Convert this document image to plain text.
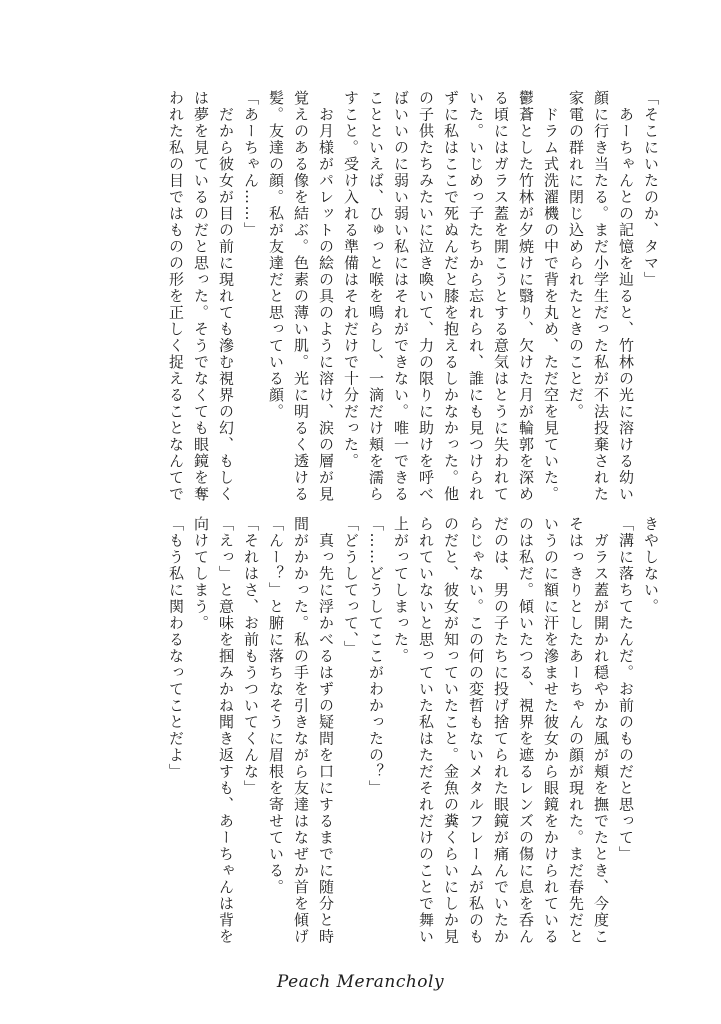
「そこにいたのか、タマ」

　あーちゃんとの記憶を辿ると、竹林の光に溶ける幼い顔に行き当たる。まだ小学生だった私が不法投棄された家電の群れに閉じ込められたときのことだ。

　ドラム式洗濯機の中で背を丸め、ただ空を見ていた。鬱蒼とした竹林が夕焼けに翳り、欠けた月が輪郭を深める頃にはガラス蓋を開こうとする意気はとうに失われていた。いじめっ子たちから忘れられ、誰にも見つけられずに私はここで死ぬんだと膝を抱えるしかなかった。他の子供たちみたいに泣き喚いて、力の限りに助けを呼べばいいのに弱い弱い私にはそれができない。唯一できることといえば、ひゅっと喉を鳴らし、一滴だけ頬を濡らすこと。受け入れる準備はそれだけで十分だった。

　お月様がパレットの絵の具のように溶け、涙の層が見覚えのある像を結ぶ。色素の薄い肌。光に明るく透ける髪。友達の顔。私が友達だと思っている顔。

「あーちゃん……」

　だから彼女が目の前に現れても滲む視界の幻、もしくは夢を見ているのだと思った。そうでなくても眼鏡を奪われた私の目ではものの形を正しく捉えることなんてで

きやしない。

「溝に落ちてたんだ。お前のものだと思って」

　ガラス蓋が開かれ穏やかな風が頬を撫でたとき、今度こそはっきりとしたあーちゃんの顔が現れた。まだ春先だというのに額に汗を滲ませた彼女から眼鏡をかけられているのは私だ。傾いたつる、視界を遮るレンズの傷に息を呑んだのは、男の子たちに投げ捨てられた眼鏡が痛んでいたからじゃない。この何の変哲もないメタルフレームが私のものだと、彼女が知っていたこと。金魚の糞くらいにしか見られていないと思っていた私はただそれだけのことで舞い上がってしまった。

「……どうしてここがわかったの？」

「どうしてって、」

　真っ先に浮かべるはずの疑問を口にするまでに随分と時間がかかった。私の手を引きながら友達はなぜか首を傾げ「んー？」と腑に落ちなそうに眉根を寄せている。

「それはさ、お前もうついてくんな」

「えっ」と意味を掴みかね聞き返すも、あーちゃんは背を向けてしまう。

「もう私に関わるなってことだよ」

Peach Merancholy
